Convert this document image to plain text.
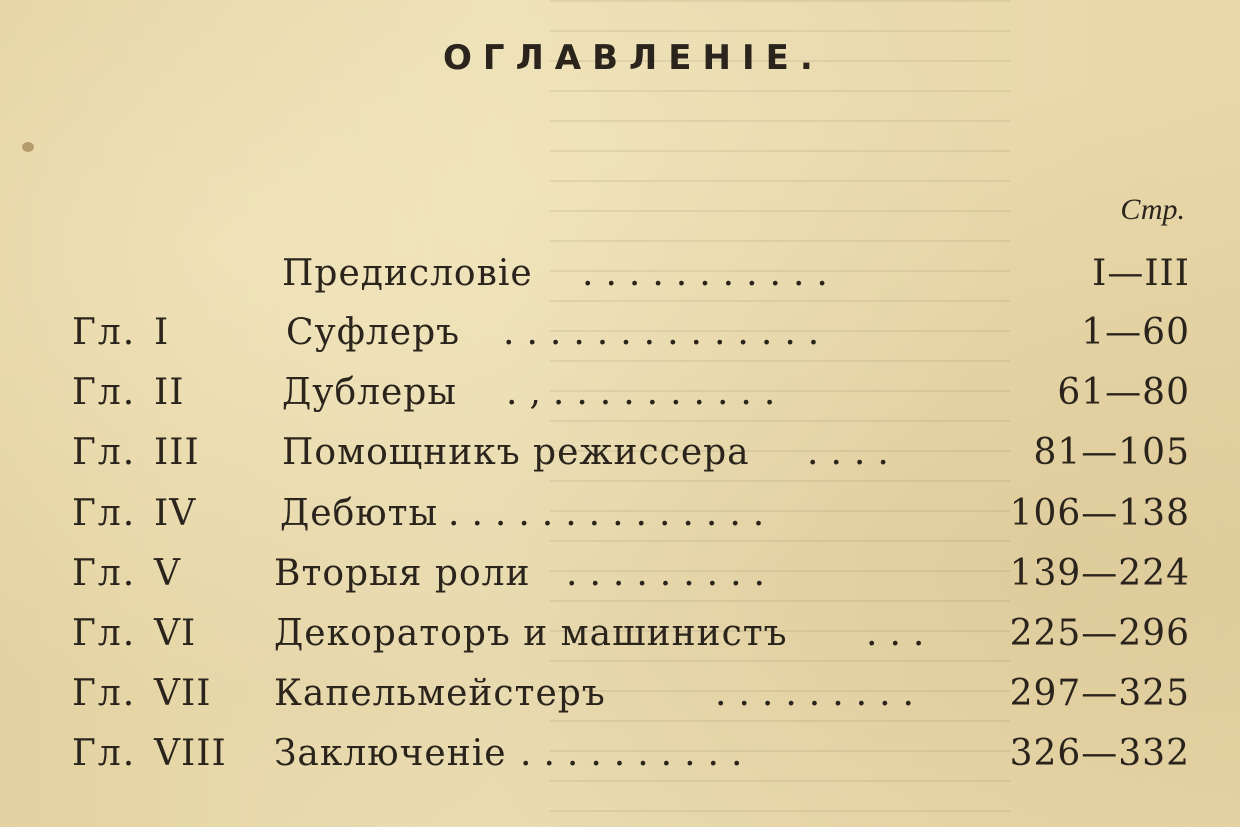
ОГЛАВЛЕНІЕ.
Стр.
Предисловіе ...........	I—III
Гл. I	Суфлеръ ..............	1—60
Гл. II	Дублеры .,..........	61—80
Гл. III Помощникъ режиссера ....	81—105
Гл. IV Дебюты ..............	106—138
Гл. V	Вторыя роли .........	139—224
Гл. VI Декораторъ и машинистъ ... 225—296
Гл. VII Капельмейстеръ	......... 297—325
Гл. VIII Заключеніе ..........	326—332
